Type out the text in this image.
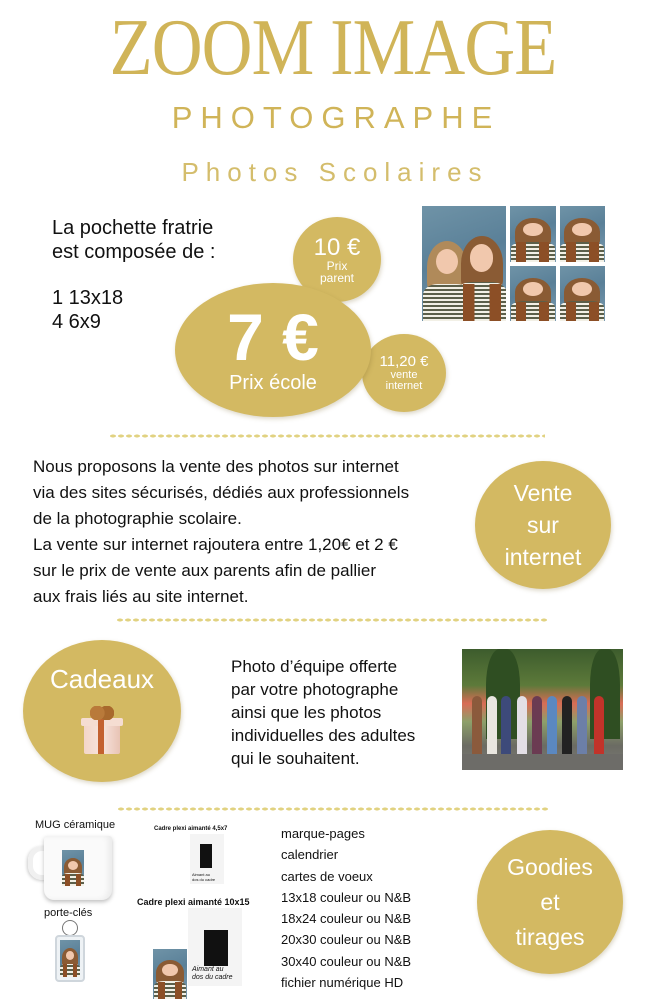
ZOOM IMAGE
PHOTOGRAPHE
Photos Scolaires
La pochette fratrie
est composée de :
1 13x18
4 6x9
10 €
Prix
parent
7 €
Prix école
11,20 €
vente
internet
Nous proposons la vente des photos sur internet
via des sites sécurisés, dédiés aux professionnels
de la photographie scolaire.
La vente sur internet rajoutera entre 1,20€ et 2 €
sur le prix de vente aux parents afin de pallier
aux frais liés au site internet.
Vente
sur
internet
Cadeaux	Photo d’équipe offerte
par votre photographe
ainsi que les photos
individuelles des adultes
qui le souhaitent.
MUG céramique
porte-clés
Cadre plexi aimanté 4,5x7
Aimant au
dos du cadre
Cadre plexi aimanté 10x15
Aimant au
dos du cadre
marque-pages
calendrier
cartes de voeux
13x18 couleur ou N&B
18x24 couleur ou N&B
20x30 couleur ou N&B
30x40 couleur ou N&B
fichier numérique HD
Goodies
et
tirages
